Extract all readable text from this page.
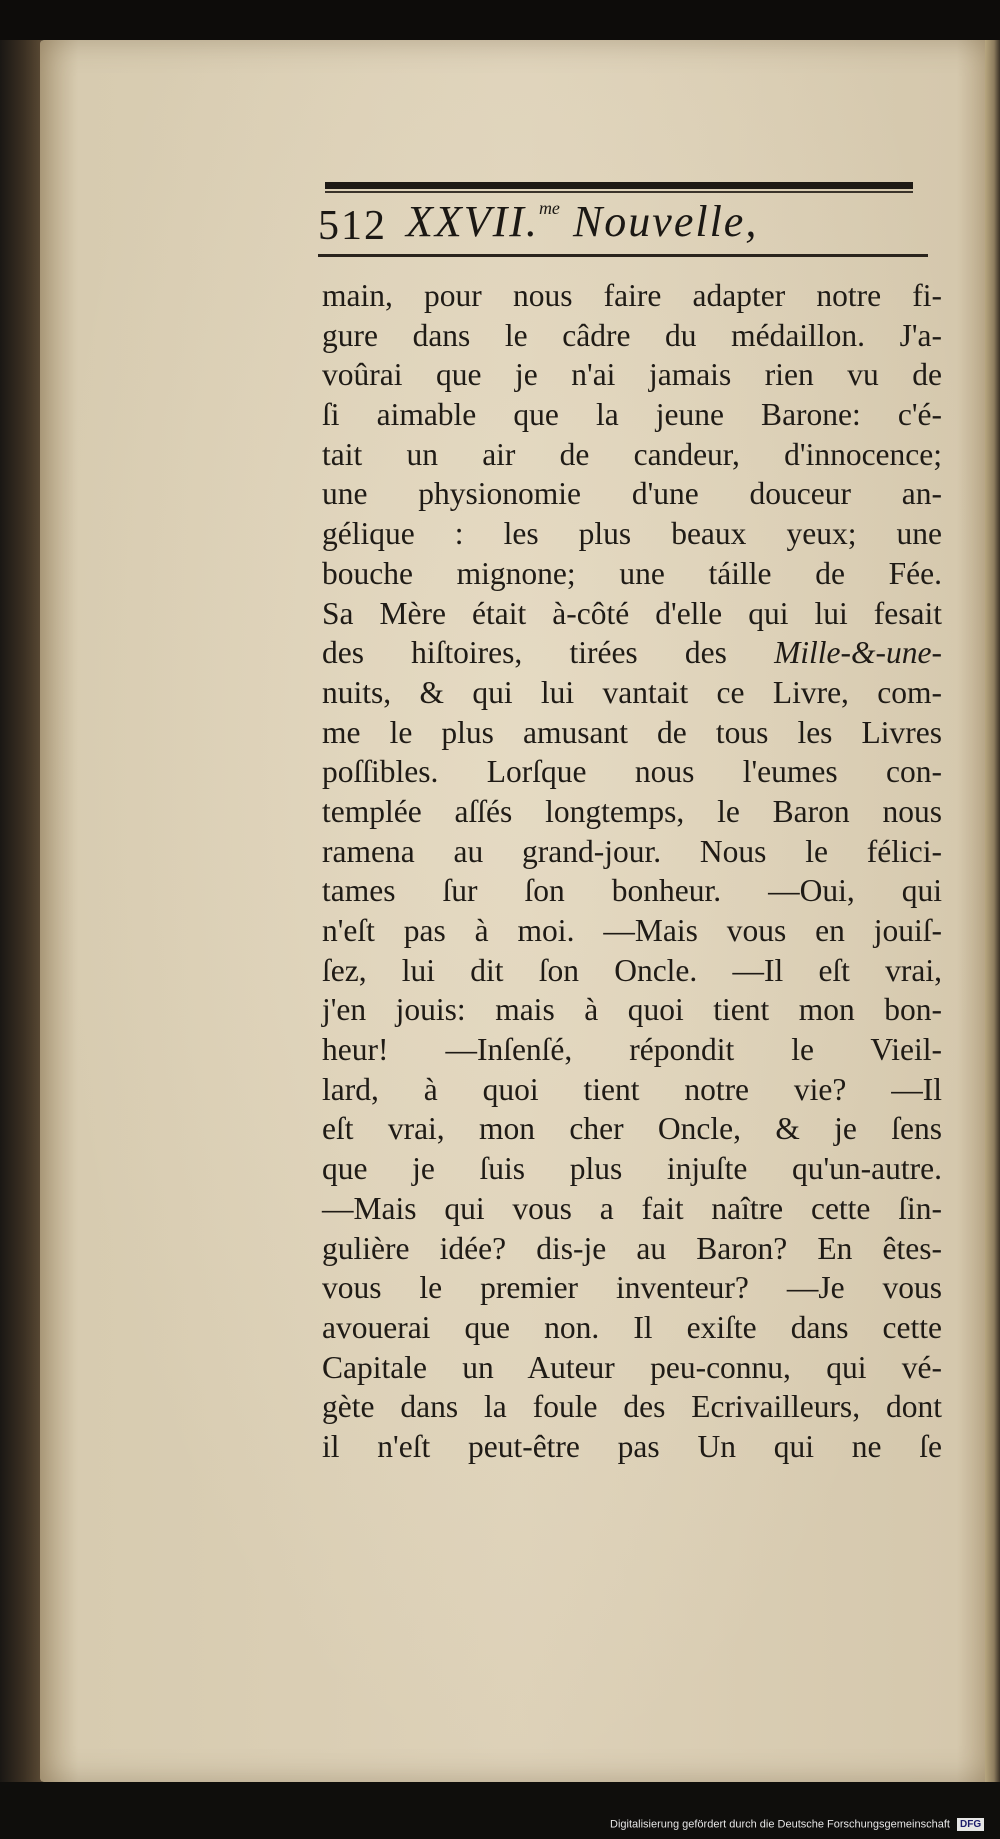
512 XXVII.$^{me}$ Nouvelle,
main, pour nous faire adapter notre fi-
gure dans le câdre du médaillon. J'a-
voûrai que je n'ai jamais rien vu de
ſi aimable que la jeune Barone: c'é-
tait un air de candeur, d'innocence;
une physionomie d'une douceur an-
gélique : les plus beaux yeux; une
bouche mignone; une táille de Fée.
Sa Mère était à-côté d'elle qui lui fesait
des hiſtoires, tirées des Mille-&-une-
nuits, & qui lui vantait ce Livre, com-
me le plus amusant de tous les Livres
poſſibles. Lorſque nous l'eumes con-
templée aſſés longtemps, le Baron nous
ramena au grand-jour. Nous le félici-
tames ſur ſon bonheur. —Oui, qui
n'eſt pas à moi. —Mais vous en jouiſ-
ſez, lui dit ſon Oncle. —Il eſt vrai,
j'en jouis: mais à quoi tient mon bon-
heur! —Inſenſé, répondit le Vieil-
lard, à quoi tient notre vie? —Il
eſt vrai, mon cher Oncle, & je ſens
que je ſuis plus injuſte qu'un-autre.
—Mais qui vous a fait naître cette ſin-
gulière idée? dis-je au Baron? En êtes-
vous le premier inventeur? —Je vous
avouerai que non. Il exiſte dans cette
Capitale un Auteur peu-connu, qui vé-
gète dans la foule des Ecrivailleurs, dont
il n'eſt peut-être pas Un qui ne ſe
Digitalisierung gefördert durch die Deutsche Forschungsgemeinschaft DFG
